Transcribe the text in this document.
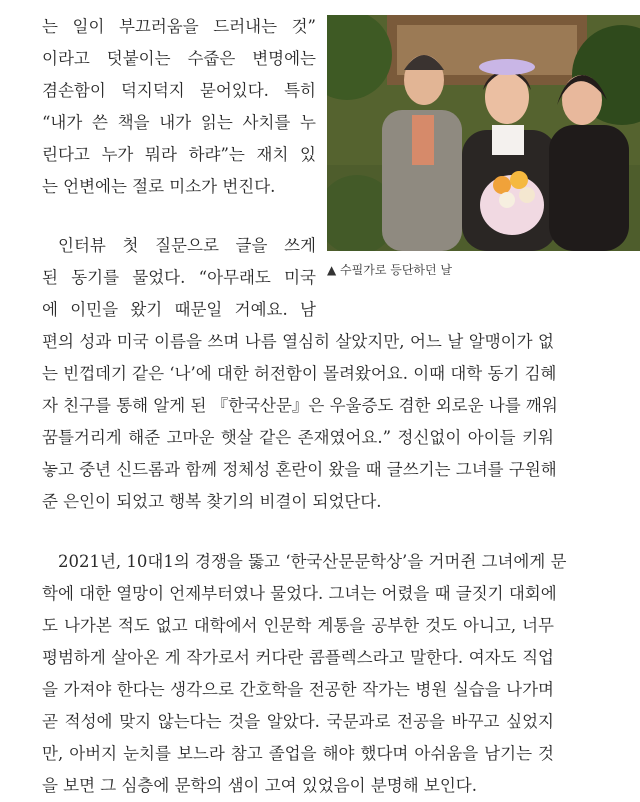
는 일이 부끄러움을 드러내는 것”
이라고 덧붙이는 수줍은 변명에는
겸손함이 덕지덕지 묻어있다. 특히
“내가 쓴 책을 내가 읽는 사치를 누
린다고 누가 뭐라 하랴”는 재치 있
는 언변에는 절로 미소가 번진다.
인터뷰 첫 질문으로 글을 쓰게
된 동기를 물었다. “아무래도 미국
에 이민을 왔기 때문일 거예요. 남
편의 성과 미국 이름을 쓰며 나름 열심히 살았지만, 어느 날 알맹이가 없
는 빈껍데기 같은 ‘나’에 대한 허전함이 몰려왔어요. 이때 대학 동기 김혜
자 친구를 통해 알게 된 『한국산문』은 우울증도 겸한 외로운 나를 깨워
꿈틀거리게 해준 고마운 햇살 같은 존재였어요.” 정신없이 아이들 키워
놓고 중년 신드롬과 함께 정체성 혼란이 왔을 때 글쓰기는 그녀를 구원해
준 은인이 되었고 행복 찾기의 비결이 되었단다.
2021년, 10대1의 경쟁을 뚫고 ‘한국산문문학상’을 거머쥔 그녀에게 문
학에 대한 열망이 언제부터였나 물었다. 그녀는 어렸을 때 글짓기 대회에
도 나가본 적도 없고 대학에서 인문학 계통을 공부한 것도 아니고, 너무
평범하게 살아온 게 작가로서 커다란 콤플렉스라고 말한다. 여자도 직업
을 가져야 한다는 생각으로 간호학을 전공한 작가는 병원 실습을 나가며
곧 적성에 맞지 않는다는 것을 알았다. 국문과로 전공을 바꾸고 싶었지
만, 아버지 눈치를 보느라 참고 졸업을 해야 했다며 아쉬움을 남기는 것
을 보면 그 심층에 문학의 샘이 고여 있었음이 분명해 보인다.
▲ 수필가로 등단하던 날
